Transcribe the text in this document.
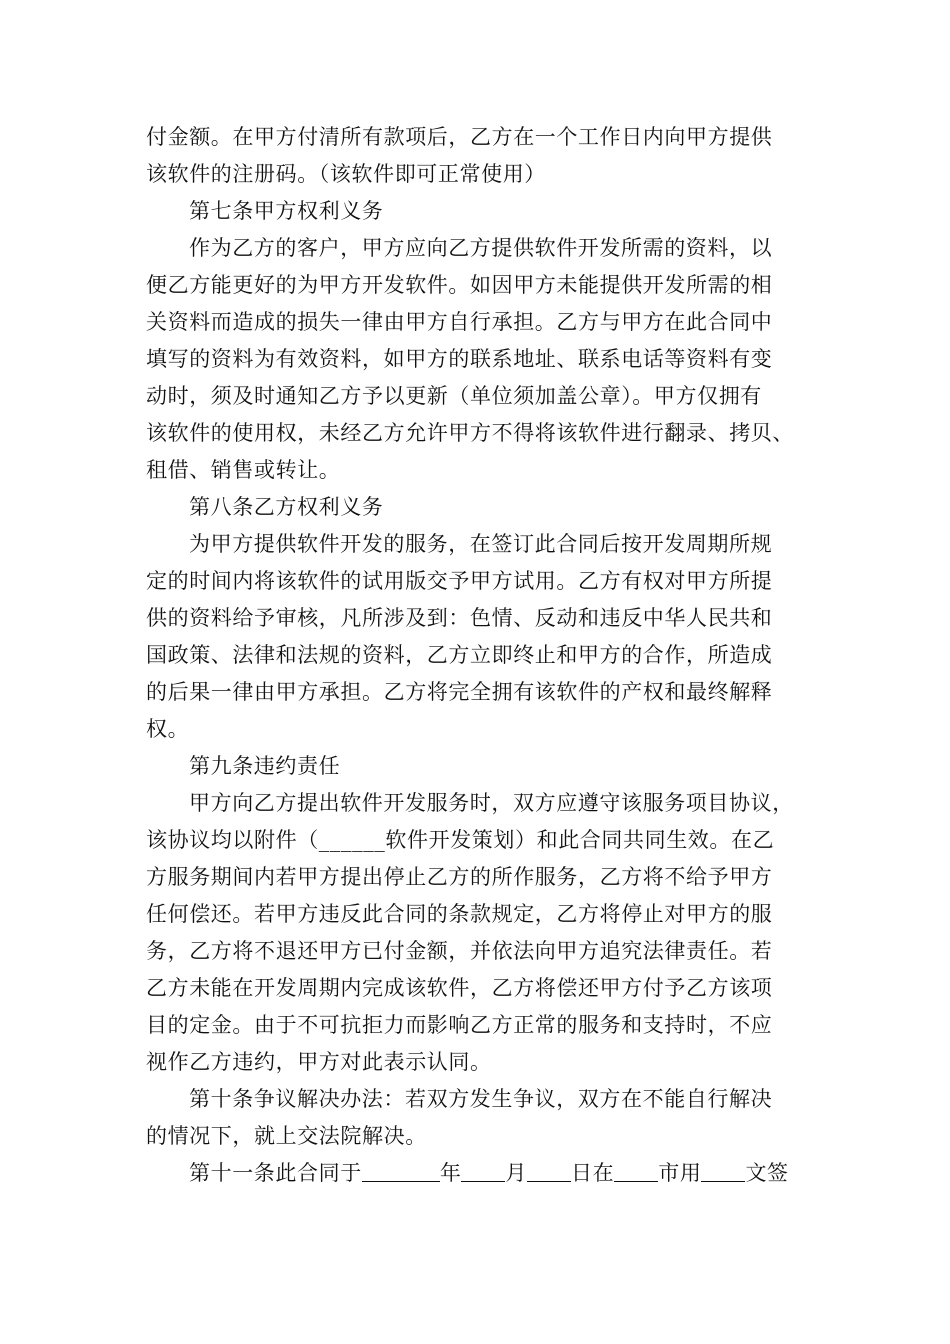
付金额。在甲方付清所有款项后，乙方在一个工作日内向甲方提供
该软件的注册码。（该软件即可正常使用）
第七条甲方权利义务
作为乙方的客户，甲方应向乙方提供软件开发所需的资料，以
便乙方能更好的为甲方开发软件。如因甲方未能提供开发所需的相
关资料而造成的损失一律由甲方自行承担。乙方与甲方在此合同中
填写的资料为有效资料，如甲方的联系地址、联系电话等资料有变
动时，须及时通知乙方予以更新（单位须加盖公章）。甲方仅拥有
该软件的使用权，未经乙方允许甲方不得将该软件进行翻录、拷贝、
租借、销售或转让。
第八条乙方权利义务
为甲方提供软件开发的服务，在签订此合同后按开发周期所规
定的时间内将该软件的试用版交予甲方试用。乙方有权对甲方所提
供的资料给予审核，凡所涉及到：色情、反动和违反中华人民共和
国政策、法律和法规的资料，乙方立即终止和甲方的合作，所造成
的后果一律由甲方承担。乙方将完全拥有该软件的产权和最终解释
权。
第九条违约责任
甲方向乙方提出软件开发服务时，双方应遵守该服务项目协议，
该协议均以附件（______软件开发策划）和此合同共同生效。在乙
方服务期间内若甲方提出停止乙方的所作服务，乙方将不给予甲方
任何偿还。若甲方违反此合同的条款规定，乙方将停止对甲方的服
务，乙方将不退还甲方已付金额，并依法向甲方追究法律责任。若
乙方未能在开发周期内完成该软件，乙方将偿还甲方付予乙方该项
目的定金。由于不可抗拒力而影响乙方正常的服务和支持时，不应
视作乙方违约，甲方对此表示认同。
第十条争议解决办法：若双方发生争议，双方在不能自行解决
的情况下，就上交法院解决。
第十一条此合同于	年 月 日在 市用 文签
